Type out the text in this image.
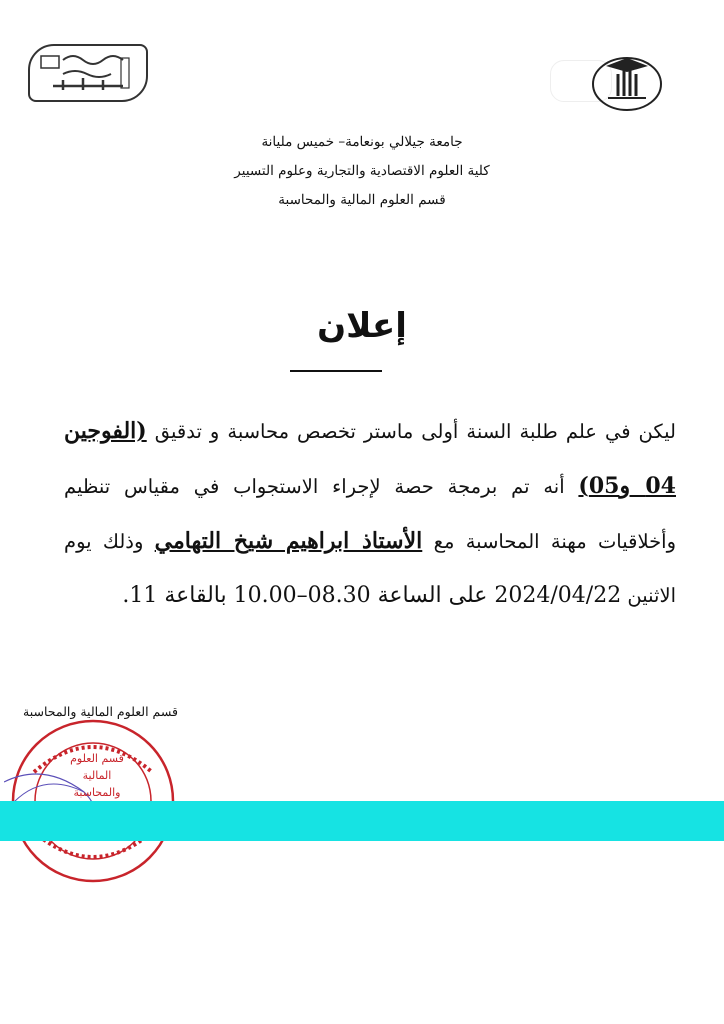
جامعة جيلالي بونعامة– خميس مليانة
كلية العلوم الاقتصادية والتجارية وعلوم التسيير
قسم العلوم المالية والمحاسبة
إعلان
ليكن في علم طلبة السنة أولى ماستر تخصص محاسبة و تدقيق (الفوجين 04 و05) أنه تم برمجة حصة لإجراء الاستجواب في مقياس تنظيم وأخلاقيات مهنة المحاسبة مع الأستاذ ابراهيم شيخ التهامي وذلك يوم الاثنين 2024/04/22 على الساعة 08.30–10.00 بالقاعة 11.
قسم العلوم المالية والمحاسبة
قسم العلوم
المالية
والمحاسبة
